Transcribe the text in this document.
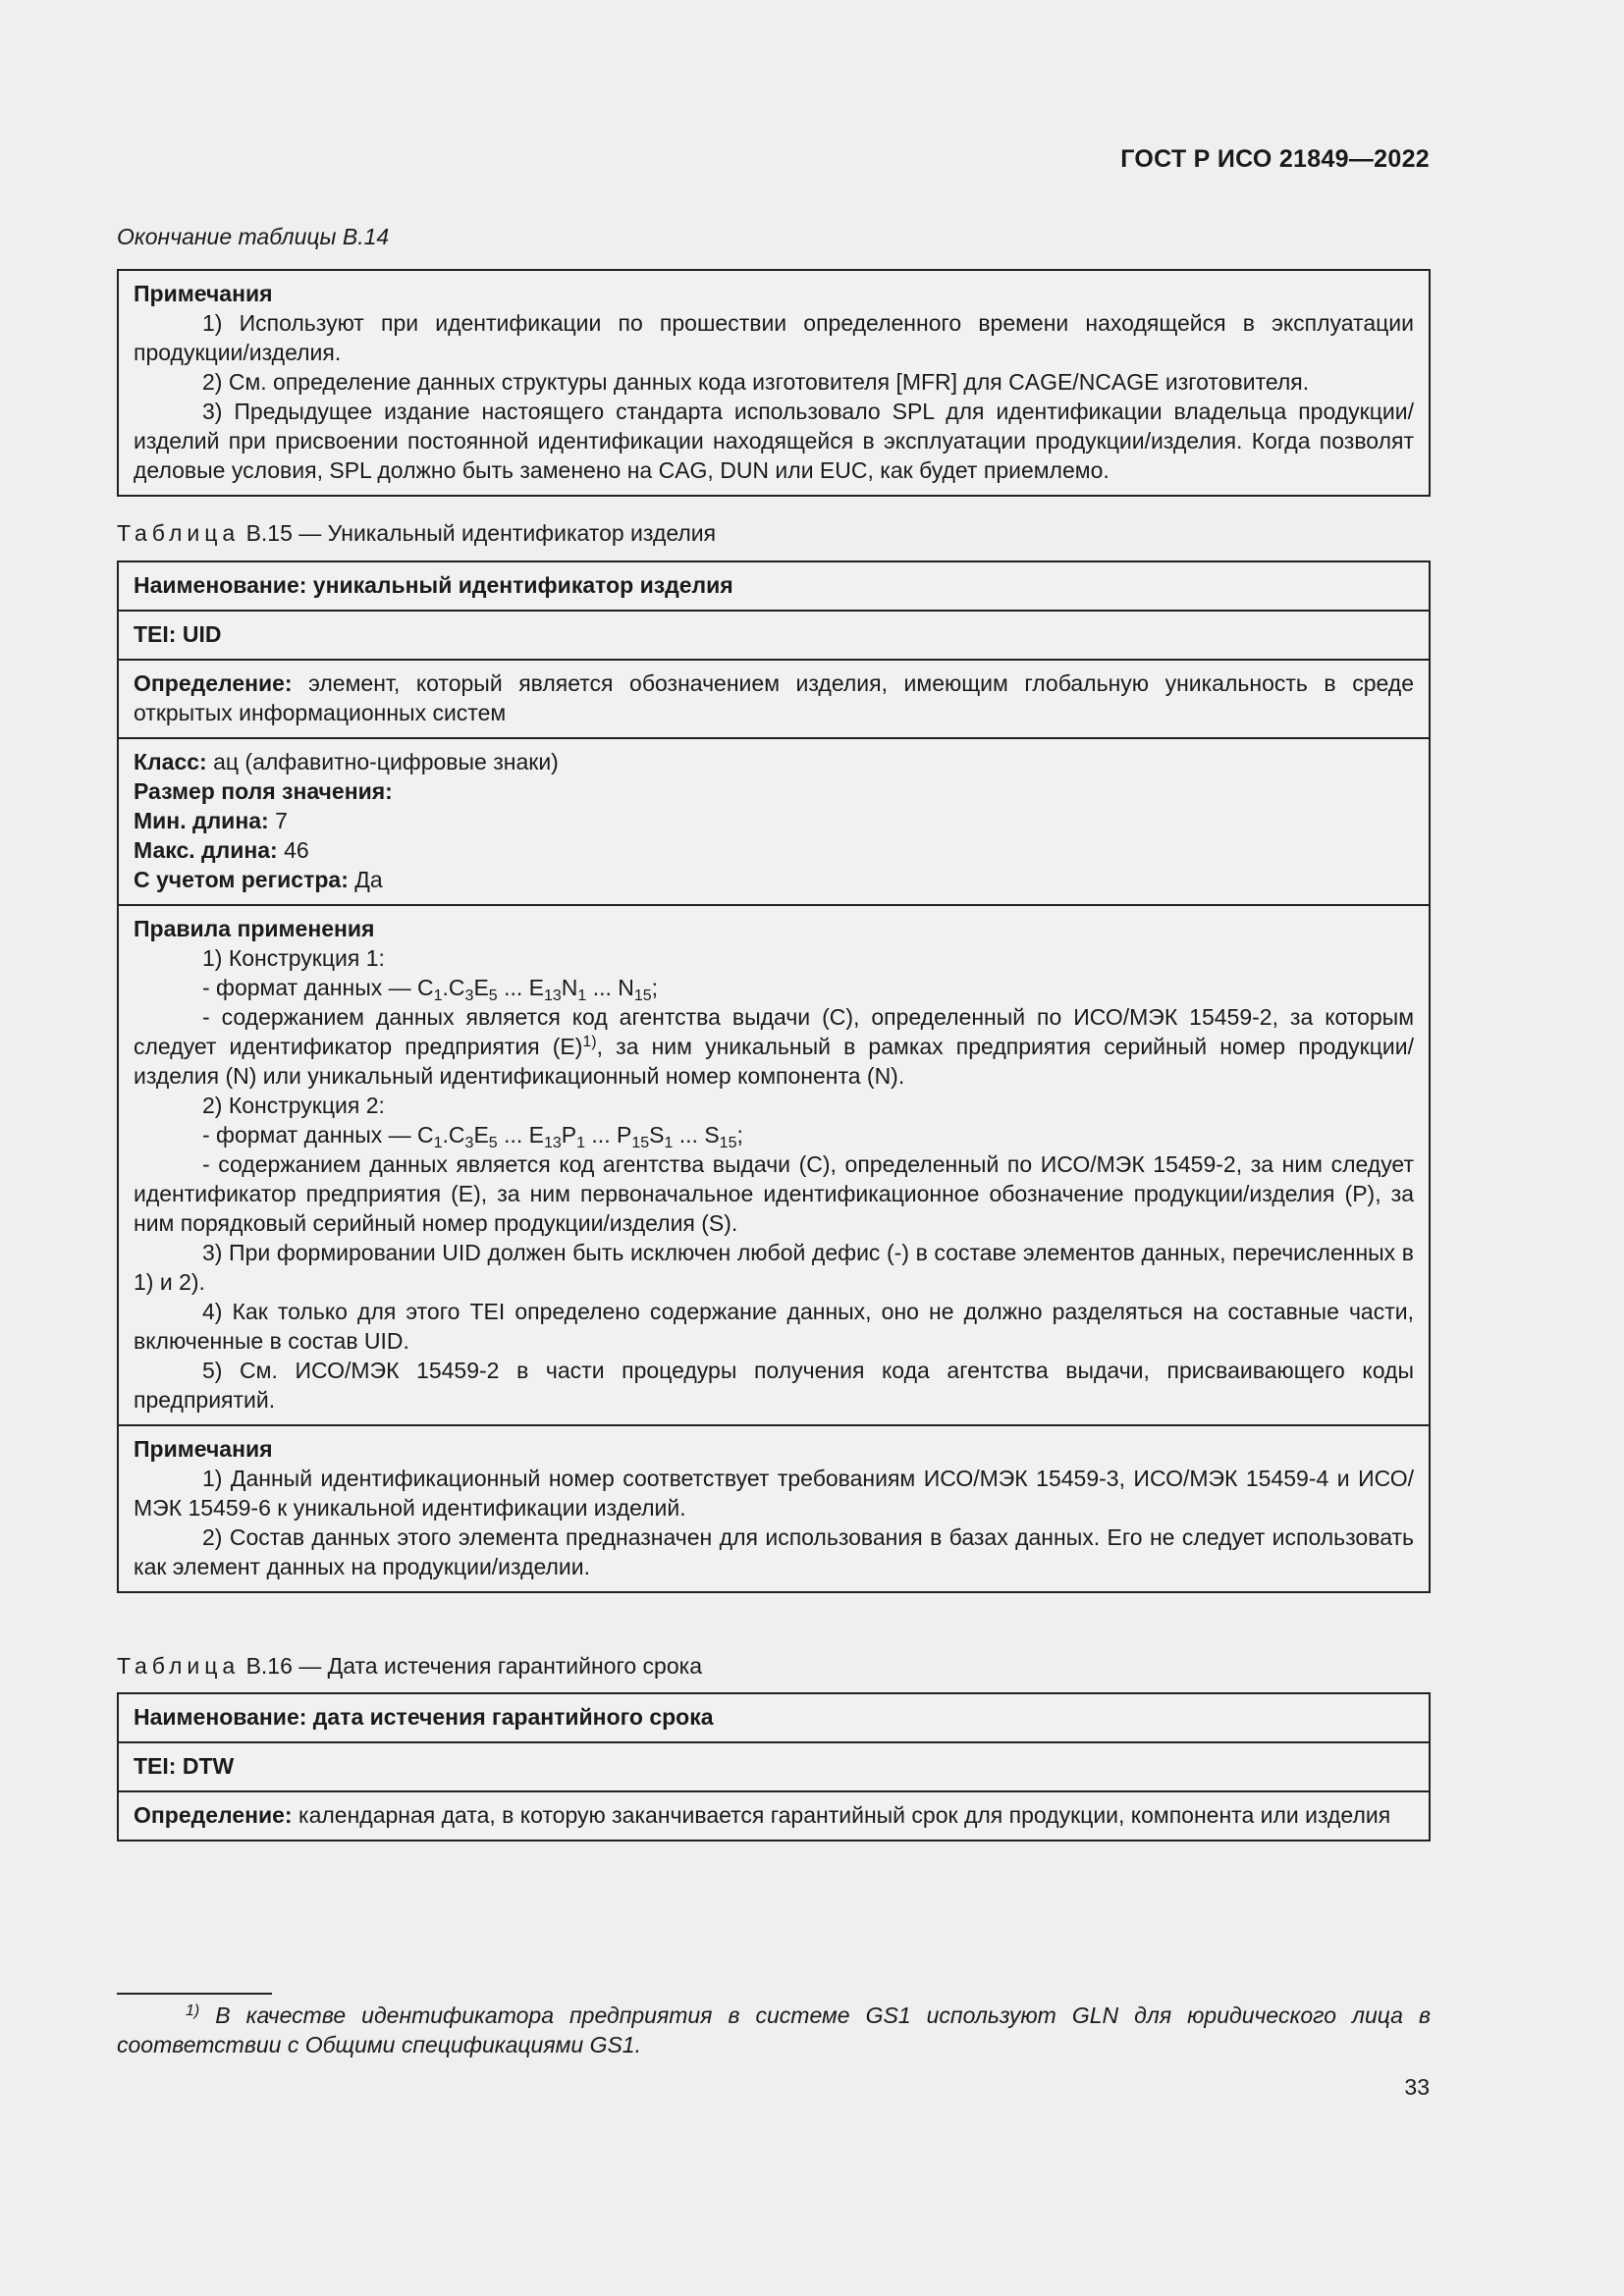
ГОСТ Р ИСО 21849—2022
Окончание таблицы В.14
Примечания
1) Используют при идентификации по прошествии определенного времени находящейся в эксплуатации продукции/изделия.
2) См. определение данных структуры данных кода изготовителя [MFR] для CAGE/NCAGE изготовителя.
3) Предыдущее издание настоящего стандарта использовало SPL для идентификации владельца продукции/изделий при присвоении постоянной идентификации находящейся в эксплуатации продукции/изделия. Когда позволят деловые условия, SPL должно быть заменено на CAG, DUN или EUC, как будет приемлемо.
Таблица В.15 — Уникальный идентификатор изделия
Наименование: уникальный идентификатор изделия
TEI: UID
Определение: элемент, который является обозначением изделия, имеющим глобальную уникальность в среде открытых информационных систем
Класс: ац (алфавитно-цифровые знаки)
Размер поля значения:
Мин. длина: 7
Макс. длина: 46
С учетом регистра: Да
Правила применения
1) Конструкция 1:
- формат данных — $C_1.C_3E_5$ ... $E_{13}N_1$ ... $N_{15}$;
- содержанием данных является код агентства выдачи (C), определенный по ИСО/МЭК 15459-2, за которым следует идентификатор предприятия $(E)^{1)}$, за ним уникальный в рамках предприятия серийный номер продукции/изделия (N) или уникальный идентификационный номер компонента (N).
2) Конструкция 2:
- формат данных — $C_1.C_3E_5$ ... $E_{13}P_1$ ... $P_{15}S_1$ ... $S_{15}$;
- содержанием данных является код агентства выдачи (C), определенный по ИСО/МЭК 15459-2, за ним следует идентификатор предприятия (E), за ним первоначальное идентификационное обозначение продукции/изделия (P), за ним порядковый серийный номер продукции/изделия (S).
3) При формировании UID должен быть исключен любой дефис (-) в составе элементов данных, перечисленных в 1) и 2).
4) Как только для этого TEI определено содержание данных, оно не должно разделяться на составные части, включенные в состав UID.
5) См. ИСО/МЭК 15459-2 в части процедуры получения кода агентства выдачи, присваивающего коды предприятий.
Примечания
1) Данный идентификационный номер соответствует требованиям ИСО/МЭК 15459-3, ИСО/МЭК 15459-4 и ИСО/МЭК 15459-6 к уникальной идентификации изделий.
2) Состав данных этого элемента предназначен для использования в базах данных. Его не следует использовать как элемент данных на продукции/изделии.
Таблица В.16 — Дата истечения гарантийного срока
Наименование: дата истечения гарантийного срока
TEI: DTW
Определение: календарная дата, в которую заканчивается гарантийный срок для продукции, компонента или изделия
$^{1)}$ В качестве идентификатора предприятия в системе GS1 используют GLN для юридического лица в соответствии с Общими спецификациями GS1.
33
